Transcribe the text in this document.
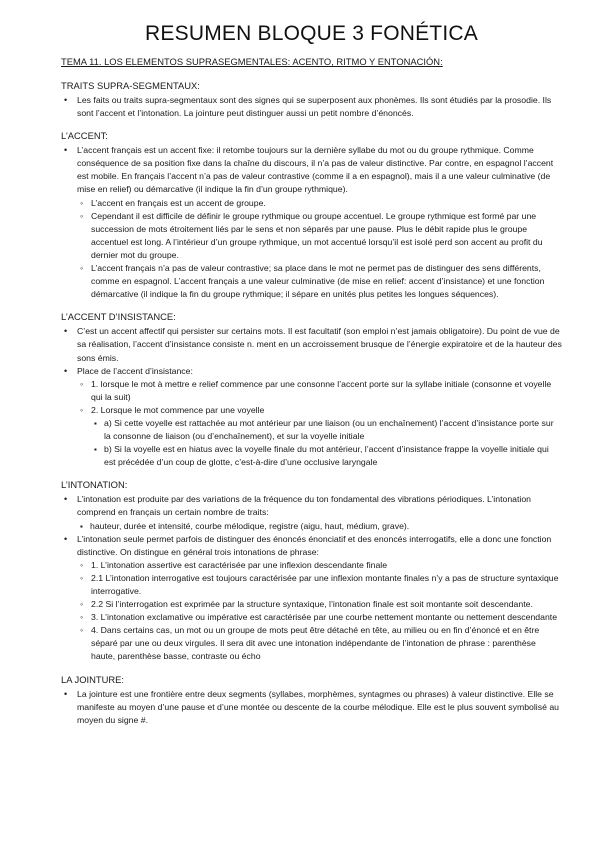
RESUMEN BLOQUE 3 FONÉTICA
TEMA 11. LOS ELEMENTOS SUPRASEGMENTALES: ACENTO, RITMO Y ENTONACIÓN:
TRAITS SUPRA-SEGMENTAUX:
• Les faits ou traits supra-segmentaux sont des signes qui se superposent aux phonèmes. Ils sont étudiés par la prosodie. Ils sont l’accent et l’intonation. La jointure peut distinguer aussi un petit nombre d’énoncés.
L’ACCENT:
• L’accent français est un accent fixe: il retombe toujours sur la dernière syllabe du mot ou du groupe rythmique. Comme conséquence de sa position fixe dans la chaîne du discours, il n’a pas de valeur distinctive. Par contre, en espagnol l’accent est mobile. En français l’accent n’a pas de valeur contrastive (comme il a en espagnol), mais il a une valeur culminative (de mise en relief) ou démarcative (il indique la fin d’un groupe rythmique).
◦ L’accent en français est un accent de groupe.
◦ Cependant il est difficile de définir le groupe rythmique ou groupe accentuel. Le groupe rythmique est formé par une succession de mots étroitement liés par le sens et non séparés par une pause. Plus le débit rapide plus le groupe accentuel est long. A l’intérieur d’un groupe rythmique, un mot accentué lorsqu’il est isolé perd son accent au profit du dernier mot du groupe.
◦ L’accent français n’a pas de valeur contrastive; sa place dans le mot ne permet pas de distinguer des sens différents, comme en espagnol. L’accent français a une valeur culminative (de mise en relief: accent d’insistance) et une fonction démarcative (il indique la fin du groupe rythmique; il sépare en unités plus petites les longues séquences).
L’ACCENT D’INSISTANCE:
• C’est un accent affectif qui persister sur certains mots. Il est facultatif (son emploi n’est jamais obligatoire). Du point de vue de sa réalisation, l’accent d’insistance consiste n. ment en un accroissement brusque de l’énergie expiratoire et de la hauteur des sons émis.
• Place de l’accent d’insistance:
◦ 1. lorsque le mot à mettre e relief commence par une consonne l’accent porte sur la syllabe initiale (consonne et voyelle qui la suit)
◦ 2. Lorsque le mot commence par une voyelle
▪ a) Si cette voyelle est rattachée au mot antérieur par une liaison (ou un enchaînement) l’accent d’insistance porte sur la consonne de liaison (ou d’enchaînement), et sur la voyelle initiale
▪ b) Si la voyelle est en hiatus avec la voyelle finale du mot antérieur, l’accent d’insistance frappe la voyelle initiale qui est précédée d’un coup de glotte, c’est-à-dire d’une occlusive laryngale
L’INTONATION:
• L’intonation est produite par des variations de la fréquence du ton fondamental des vibrations périodiques. L’intonation comprend en français un certain nombre de traits:
▪ hauteur, durée et intensité, courbe mélodique, registre (aigu, haut, médium, grave).
• L’intonation seule permet parfois de distinguer des énoncés énonciatif et des enoncés interrogatifs, elle a donc une fonction distinctive. On distingue en général trois intonations de phrase:
◦ 1. L’intonation assertive est caractérisée par une inflexion descendante finale
◦ 2.1 L’intonation interrogative est toujours caractérisée par une inflexion montante finales n’y a pas de structure syntaxique interrogative.
◦ 2.2 Si l’interrogation est exprimée par la structure syntaxique, l’intonation finale est soit montante soit descendante.
◦ 3. L’intonation exclamative ou impérative est caractérisée par une courbe nettement montante ou nettement descendante
◦ 4. Dans certains cas, un mot ou un groupe de mots peut être détaché en tête, au milieu ou en fin d’énoncé et en être séparé par une ou deux virgules. Il sera dit avec une intonation indépendante de l’intonation de phrase : parenthèse haute, parenthèse basse, contraste ou écho
LA JOINTURE:
• La jointure est une frontière entre deux segments (syllabes, morphèmes, syntagmes ou phrases) à valeur distinctive. Elle se manifeste au moyen d’une pause et d’une montée ou descente de la courbe mélodique. Elle est le plus souvent symbolisé au moyen du signe #.
